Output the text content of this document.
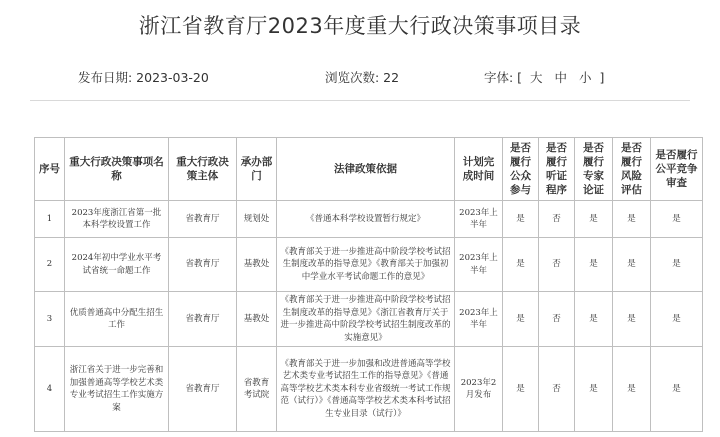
浙江省教育厅2023年度重大行政决策事项目录
发布日期: 2023-03-20	浏览次数: 22	字体: [ 大 中 小 ]
序号	重大行政决策事项名称	重大行政决策主体	承办部门	法律政策依据	计划完成时间	是否履行公众参与	是否履行听证程序	是否履行专家论证	是否履行风险评估	是否履行公平竞争审查
1	2023年度浙江省第一批本科学校设置工作	省教育厅	规划处	《普通本科学校设置暂行规定》	2023年上半年	是	否	是	是	是
2	2024年初中学业水平考试省统一命题工作	省教育厅	基教处	《教育部关于进一步推进高中阶段学校考试招生制度改革的指导意见》《教育部关于加强初中学业水平考试命题工作的意见》	2023年上半年	是	否	是	是	是
3	优质普通高中分配生招生工作	省教育厅	基教处	《教育部关于进一步推进高中阶段学校考试招生制度改革的指导意见》《浙江省教育厅关于进一步推进高中阶段学校考试招生制度改革的实施意见》	2023年上半年	是	否	是	是	是
4	浙江省关于进一步完善和加强普通高等学校艺术类专业考试招生工作实施方案	省教育厅	省教育考试院	《教育部关于进一步加强和改进普通高等学校艺术类专业考试招生工作的指导意见》《普通高等学校艺术类本科专业省级统一考试工作规范（试行）》《普通高等学校艺术类本科考试招生专业目录（试行）》	2023年2月发布	是	否	是	是	是
